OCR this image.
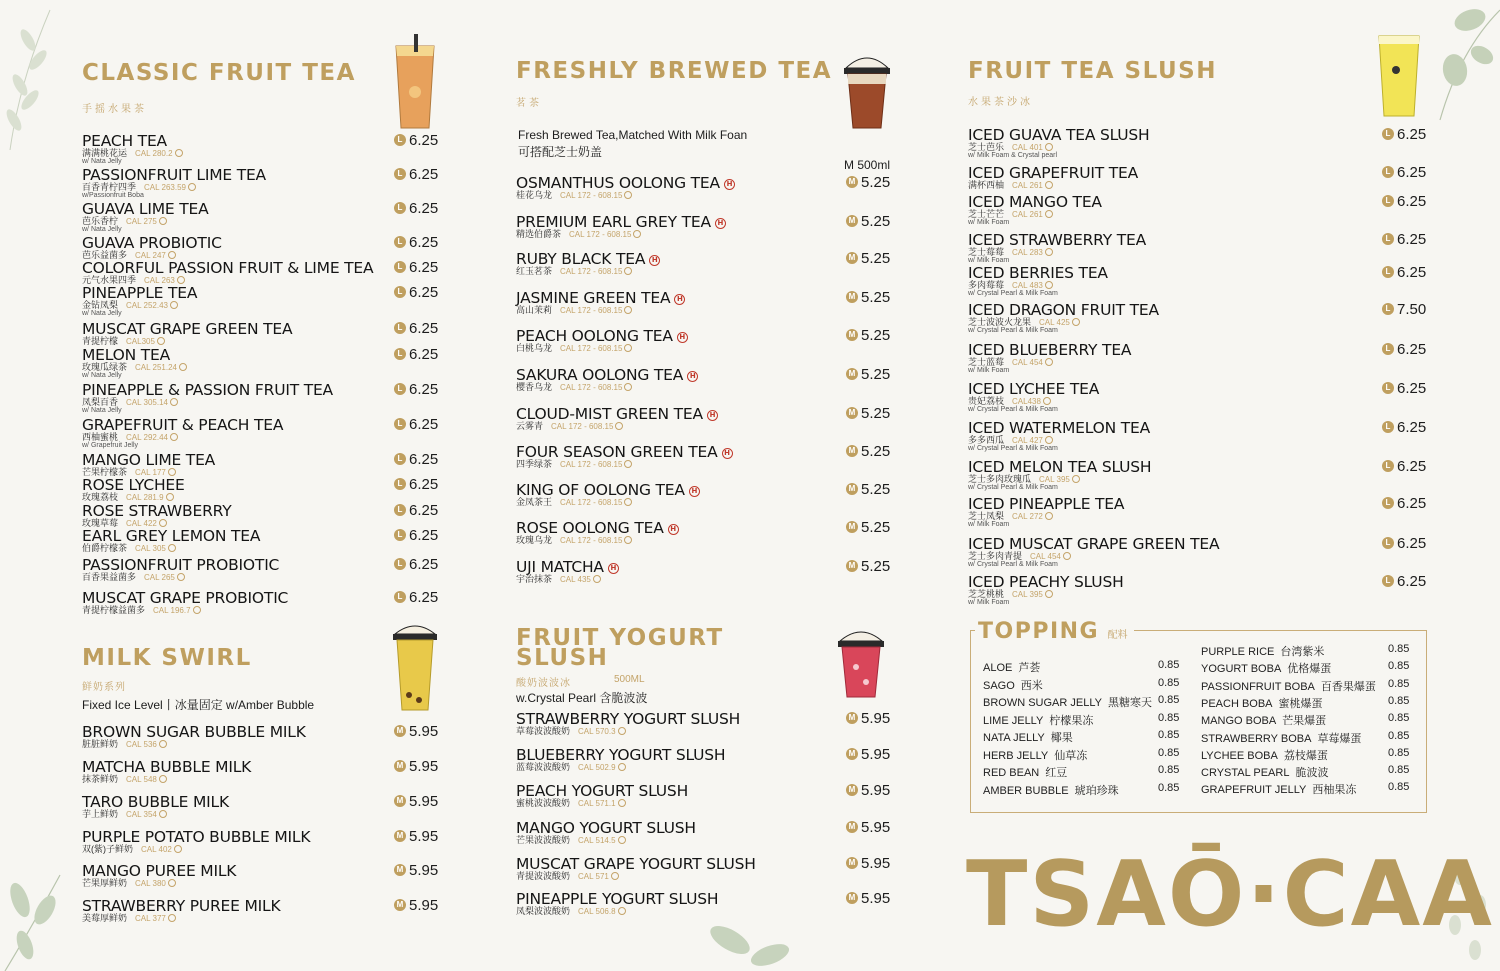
CLASSIC FRUIT TEA
手摇水果茶
PEACH TEA
满满桃花运 CAL 280.2
w/ Nata Jelly
L 6.25
PASSIONFRUIT LIME TEA
百香青柠四季 CAL 263.59
w/Passionfruit Boba
L 6.25
GUAVA LIME TEA
芭乐香柠 CAL 275
w/ Nata Jelly
L 6.25
GUAVA PROBIOTIC
芭乐益菌多 CAL 247
L 6.25
COLORFUL PASSION FRUIT & LIME TEA
元气水果四季 CAL 263
L 6.25
PINEAPPLE TEA
金钻凤梨 CAL 252.43
w/ Nata Jelly
L 6.25
MUSCAT GRAPE GREEN TEA
青提柠檬 CAL305
L 6.25
MELON TEA
玫瑰瓜绿茶 CAL 251.24
w/ Nata Jelly
L 6.25
PINEAPPLE & PASSION FRUIT TEA
凤梨百香 CAL 305.14
w/ Nata Jelly
L 6.25
GRAPEFRUIT & PEACH TEA
西柚蜜桃 CAL 292.44
w/ Grapefruit Jelly
L 6.25
MANGO LIME TEA
芒果柠檬茶 CAL 177
L 6.25
ROSE LYCHEE
玫瑰荔枝 CAL 281.9
L 6.25
ROSE STRAWBERRY
玫瑰草莓 CAL 422
L 6.25
EARL GREY LEMON TEA
伯爵柠檬茶 CAL 305
L 6.25
PASSIONFRUIT PROBIOTIC
百香果益菌多 CAL 265
L 6.25
MUSCAT GRAPE PROBIOTIC
青提柠檬益菌多 CAL 196.7
L 6.25
MILK SWIRL
鲜奶系列
Fixed Ice Level丨冰量固定 w/Amber Bubble
BROWN SUGAR BUBBLE MILK
脏脏鲜奶 CAL 536
M 5.95
MATCHA BUBBLE MILK
抹茶鲜奶 CAL 548
M 5.95
TARO BUBBLE MILK
芋上鲜奶 CAL 354
M 5.95
PURPLE POTATO BUBBLE MILK
双(紫)子鲜奶 CAL 402
M 5.95
MANGO PUREE MILK
芒果厚鲜奶 CAL 380
M 5.95
STRAWBERRY PUREE MILK
美莓厚鲜奶 CAL 377
M 5.95
FRESHLY BREWED TEA
茗茶
Fresh Brewed Tea,Matched With Milk Foan
可搭配芝士奶盖
M 500ml
OSMANTHUS OOLONG TEA H
桂花乌龙 CAL 172 - 608.15
M 5.25
PREMIUM EARL GREY TEA H
精选伯爵茶 CAL 172 - 608.15
M 5.25
RUBY BLACK TEA H
红玉茗茶 CAL 172 - 608.15
M 5.25
JASMINE GREEN TEA H
高山茉莉 CAL 172 - 608.15
M 5.25
PEACH OOLONG TEA H
白桃乌龙 CAL 172 - 608.15
M 5.25
SAKURA OOLONG TEA H
樱香乌龙 CAL 172 - 608.15
M 5.25
CLOUD-MIST GREEN TEA H
云雾青 CAL 172 - 608.15
M 5.25
FOUR SEASON GREEN TEA H
四季绿茶 CAL 172 - 608.15
M 5.25
KING OF OOLONG TEA H
金凤茶王 CAL 172 - 608.15
M 5.25
ROSE OOLONG TEA H
玫瑰乌龙 CAL 172 - 608.15
M 5.25
UJI MATCHA H
宇治抹茶 CAL 435
M 5.25
FRUIT YOGURT
SLUSH
酸奶波波冰	500ML
w.Crystal Pearl 含脆波波
STRAWBERRY YOGURT SLUSH
草莓波波酸奶 CAL 570.3
M 5.95
BLUEBERRY YOGURT SLUSH
蓝莓波波酸奶 CAL 502.9
M 5.95
PEACH YOGURT SLUSH
蜜桃波波酸奶 CAL 571.1
M 5.95
MANGO YOGURT SLUSH
芒果波波酸奶 CAL 514.5
M 5.95
MUSCAT GRAPE YOGURT SLUSH
青提波波酸奶 CAL 571
M 5.95
PINEAPPLE YOGURT SLUSH
凤梨波波酸奶 CAL 506.8
M 5.95
FRUIT TEA SLUSH
水果茶沙冰
ICED GUAVA TEA SLUSH
芝士芭乐 CAL 401
w/ Milk Foam & Crystal pearl
L 6.25
ICED GRAPEFRUIT TEA
满杯西柚 CAL 261
L 6.25
ICED MANGO TEA
芝士芒芒 CAL 261
w/ Milk Foam
L 6.25
ICED STRAWBERRY TEA
芝士莓莓 CAL 283
w/ Milk Foam
L 6.25
ICED BERRIES TEA
多肉莓莓 CAL 483
w/ Crystal Pearl & Milk Foam
L 6.25
ICED DRAGON FRUIT TEA
芝士波波火龙果 CAL 425
w/ Crystal Pearl & Milk Foam
L 7.50
ICED BLUEBERRY TEA
芝士蓝莓 CAL 454
w/ Milk Foam
L 6.25
ICED LYCHEE TEA
贵妃荔枝 CAL438
w/ Crystal Pearl & Milk Foam
L 6.25
ICED WATERMELON TEA
多多西瓜 CAL 427
w/ Crystal Pearl & Milk Foam
L 6.25
ICED MELON TEA SLUSH
芝士多肉玫瑰瓜 CAL 395
w/ Crystal Pearl & Milk Foam
L 6.25
ICED PINEAPPLE TEA
芝士凤梨 CAL 272
w/ Milk Foam
L 6.25
ICED MUSCAT GRAPE GREEN TEA
芝士多肉青提 CAL 454
w/ Crystal Pearl & Milk Foam
L 6.25
ICED PEACHY SLUSH
芝芝桃桃 CAL 395
w/ Milk Foam
L 6.25
TOPPING 配料
ALOE 芦荟	0.85
SAGO 西米	0.85
BROWN SUGAR JELLY 黑糖寒天 0.85
LIME JELLY 柠檬果冻	0.85
NATA JELLY 椰果	0.85
HERB JELLY 仙草冻	0.85
RED BEAN 红豆	0.85
AMBER BUBBLE 琥珀珍珠	0.85
PURPLE RICE 台湾紫米	0.85
YOGURT BOBA 优格爆蛋	0.85
PASSIONFRUIT BOBA 百香果爆蛋 0.85
PEACH BOBA 蜜桃爆蛋	0.85
MANGO BOBA 芒果爆蛋	0.85
STRAWBERRY BOBA 草莓爆蛋 0.85
LYCHEE BOBA 荔枝爆蛋	0.85
CRYSTAL PEARL 脆波波	0.85
GRAPEFRUIT JELLY 西柚果冻	0.85
TSAŌ·CAA
